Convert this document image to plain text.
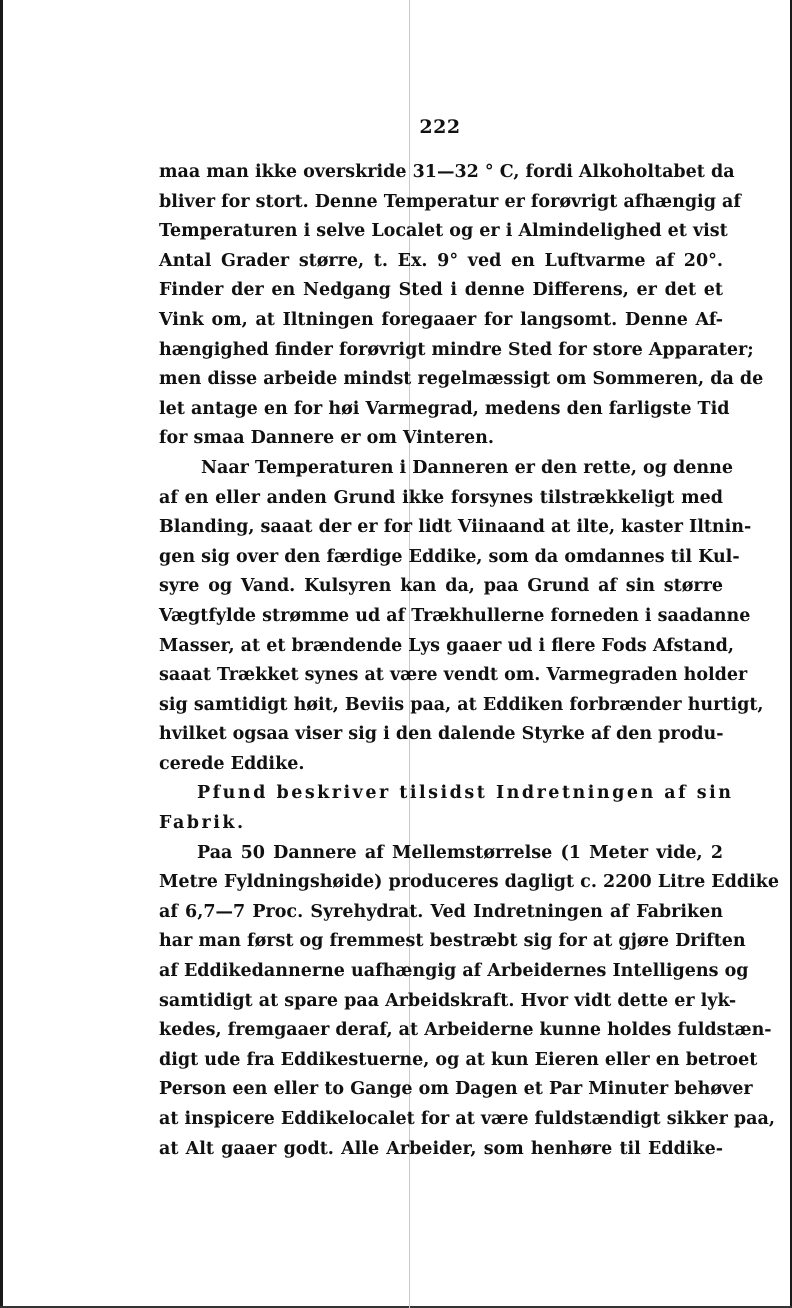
222
maa man ikke overskride 31—32 ° C, fordi Alkoholtabet da
bliver for stort. Denne Temperatur er forøvrigt afhængig af
Temperaturen i selve Localet og er i Almindelighed et vist
Antal Grader større, t. Ex. 9° ved en Luftvarme af 20°.
Finder der en Nedgang Sted i denne Differens, er det et
Vink om, at Iltningen foregaaer for langsomt. Denne Af-
hængighed finder forøvrigt mindre Sted for store Apparater;
men disse arbeide mindst regelmæssigt om Sommeren, da de
let antage en for høi Varmegrad, medens den farligste Tid
for smaa Dannere er om Vinteren.
Naar Temperaturen i Danneren er den rette, og denne
af en eller anden Grund ikke forsynes tilstrækkeligt med
Blanding, saaat der er for lidt Viinaand at ilte, kaster Iltnin-
gen sig over den færdige Eddike, som da omdannes til Kul-
syre og Vand. Kulsyren kan da, paa Grund af sin større
Vægtfylde strømme ud af Trækhullerne forneden i saadanne
Masser, at et brændende Lys gaaer ud i flere Fods Afstand,
saaat Trækket synes at være vendt om. Varmegraden holder
sig samtidigt høit, Beviis paa, at Eddiken forbrænder hurtigt,
hvilket ogsaa viser sig i den dalende Styrke af den produ-
cerede Eddike.
Pfund beskriver tilsidst Indretningen af sin
Fabrik.
Paa 50 Dannere af Mellemstørrelse (1 Meter vide, 2
Metre Fyldningshøide) produceres dagligt c. 2200 Litre Eddike
af 6,7—7 Proc. Syrehydrat. Ved Indretningen af Fabriken
har man først og fremmest bestræbt sig for at gjøre Driften
af Eddikedannerne uafhængig af Arbeidernes Intelligens og
samtidigt at spare paa Arbeidskraft. Hvor vidt dette er lyk-
kedes, fremgaaer deraf, at Arbeiderne kunne holdes fuldstæn-
digt ude fra Eddikestuerne, og at kun Eieren eller en betroet
Person een eller to Gange om Dagen et Par Minuter behøver
at inspicere Eddikelocalet for at være fuldstændigt sikker paa,
at Alt gaaer godt. Alle Arbeider, som henhøre til Eddike-
